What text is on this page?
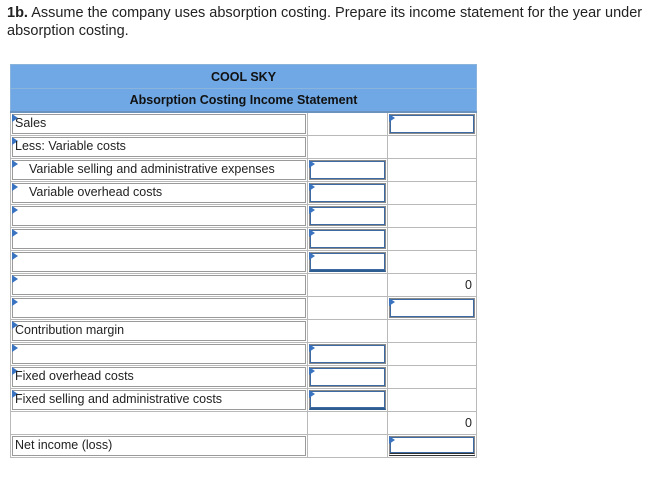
1b. Assume the company uses absorption costing. Prepare its income statement for the year under absorption costing.
COOL SKY		
Absorption Costing Income Statement		

Sales		

Less: Variable costs		

Variable selling and administrative expenses		

Variable overhead costs		

		0

Contribution margin		

Fixed overhead costs		

Fixed selling and administrative costs		

		0

Net income (loss)		
